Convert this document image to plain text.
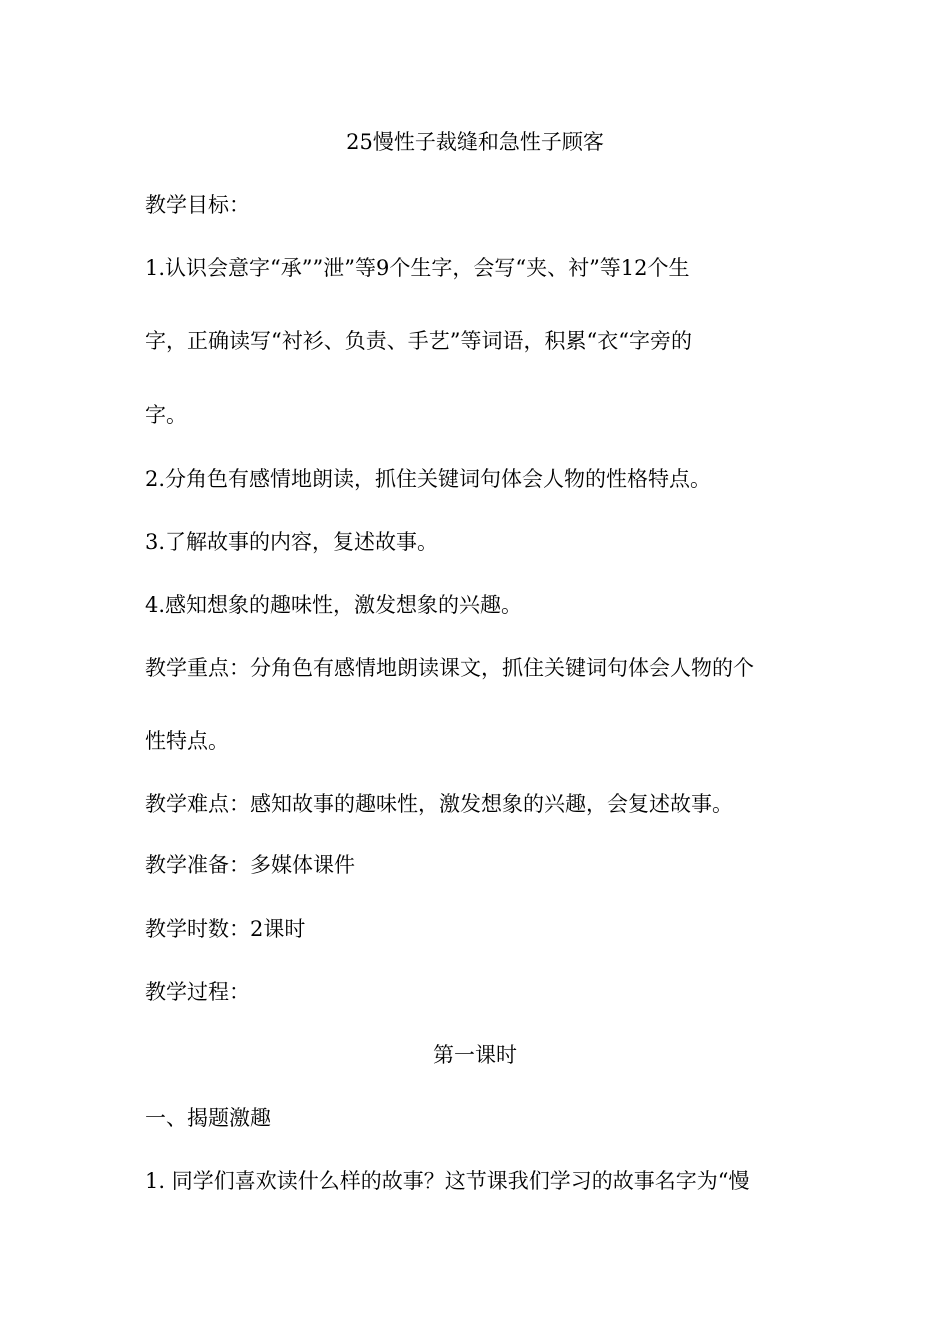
25慢性子裁缝和急性子顾客
教学目标：
1.认识会意字“承””泄”等9个生字，会写“夹、衬”等12个生
字，正确读写“衬衫、负责、手艺”等词语，积累“衣“字旁的
字。
2.分角色有感情地朗读，抓住关键词句体会人物的性格特点。
3.了解故事的内容，复述故事。
4.感知想象的趣味性，激发想象的兴趣。
教学重点：分角色有感情地朗读课文，抓住关键词句体会人物的个
性特点。
教学难点：感知故事的趣味性，激发想象的兴趣，会复述故事。
教学准备：多媒体课件
教学时数：2课时
教学过程：
第一课时
一、揭题激趣
1. 同学们喜欢读什么样的故事？这节课我们学习的故事名字为“慢
